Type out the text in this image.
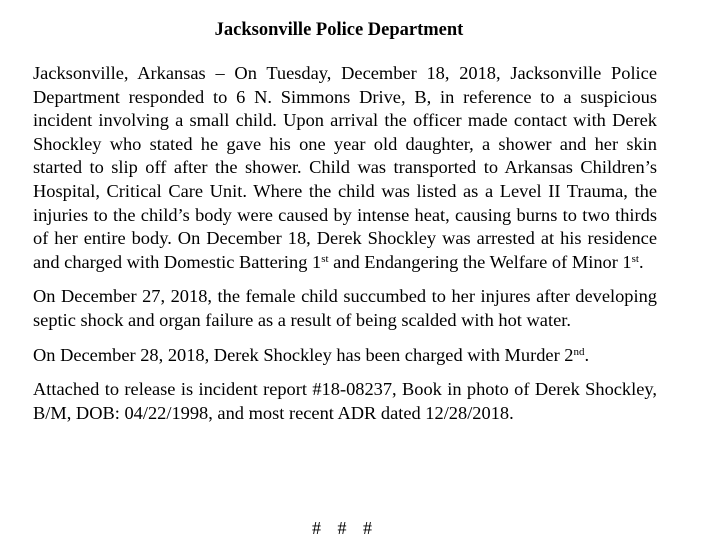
Jacksonville Police Department

Jacksonville, Arkansas – On Tuesday, December 18, 2018, Jacksonville Police Department responded to 6 N. Simmons Drive, B, in reference to a suspicious incident involving a small child. Upon arrival the officer made contact with Derek Shockley who stated he gave his one year old daughter, a shower and her skin started to slip off after the shower. Child was transported to Arkansas Children’s Hospital, Critical Care Unit. Where the child was listed as a Level II Trauma, the injuries to the child’s body were caused by intense heat, causing burns to two thirds of her entire body. On December 18, Derek Shockley was arrested at his residence and charged with Domestic Battering 1st and Endangering the Welfare of Minor 1st.

On December 27, 2018, the female child succumbed to her injures after developing septic shock and organ failure as a result of being scalded with hot water.

On December 28, 2018, Derek Shockley has been charged with Murder 2nd.

Attached to release is incident report #18-08237, Book in photo of Derek Shockley, B/M, DOB: 04/22/1998, and most recent ADR dated 12/28/2018.

# # #
